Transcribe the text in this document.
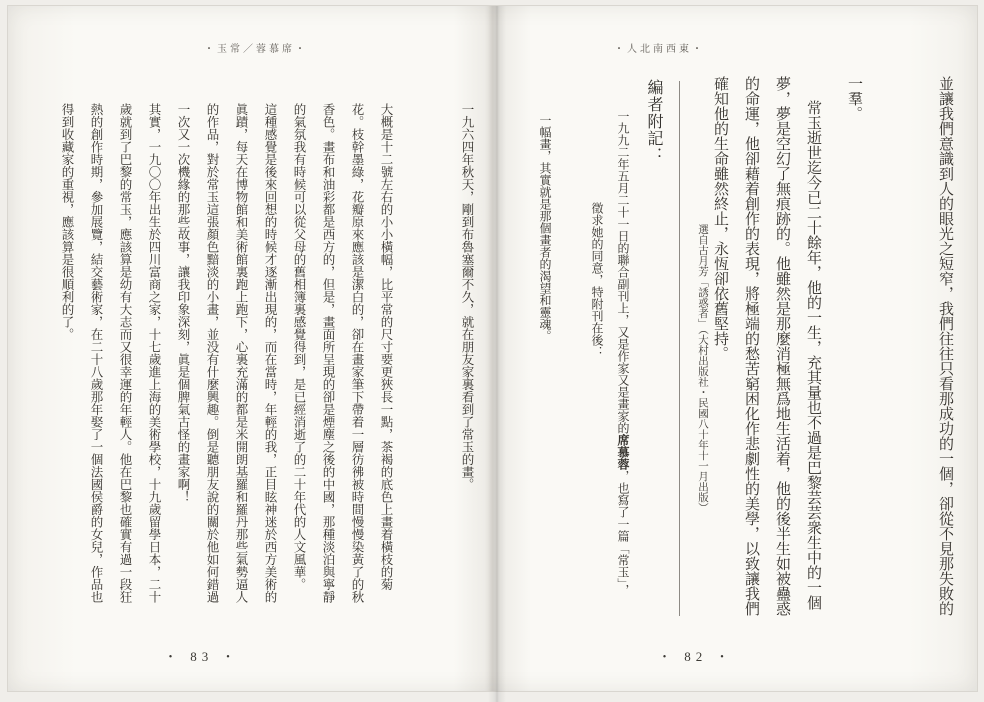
・玉常／蓉慕席・
一九六四年秋天，剛到布魯塞爾不久，就在朋友家裏看到了常玉的畫。
大概是十二號左右的小小橫幅，比平常的尺寸要更狹長一點，茶褐的底色上畫着橫枝的菊
花。枝幹墨綠，花瓣原來應該是潔白的，卻在畫家筆下帶着一層彷彿被時間慢慢染黃了的秋
香色。畫布和油彩都是西方的，但是，畫面所呈現的卻是煙塵之後的中國，那種淡泊與寧靜
的氣氛我有時候可以從父母的舊相簿裏感覺得到，是已經消逝了的二十年代的人文風華。
這種感覺是後來回想的時候才逐漸出現的，而在當時，年輕的我，正目眩神迷於西方美術的
眞蹟，每天在博物館和美術館裏跑上跑下，心裏充滿的都是米開朗基羅和羅丹那些氣勢逼人
的作品，對於常玉這張顏色黯淡的小畫，並没有什麼興趣。倒是聽朋友說的關於他如何錯過
一次又一次機緣的那些故事，讓我印象深刻，眞是個脾氣古怪的畫家啊！
其實，一九〇〇年出生於四川富商之家，十七歲進上海的美術學校，十九歲留學日本，二十
歲就到了巴黎的常玉，應該算是幼有大志而又很幸運的年輕人。他在巴黎也確實有過一段狂
熱的創作時期，參加展覽，結交藝術家，在二十八歲那年娶了一個法國侯爵的女兒，作品也
得到收藏家的重視，應該算是很順利的了。
・ 83 ・
・人北南西東・
並讓我們意識到人的眼光之短窄，我們往往只看那成功的一個，卻從不見那失敗的
一羣。
常玉逝世迄今已二十餘年，他的一生，充其量也不過是巴黎芸芸衆生中的一個
夢，夢是空幻了無痕跡的。他雖然是那麼消極無爲地生活着，他的後半生如被蠱惑
的命運，他卻藉着創作的表現，將極端的愁苦窮困化作悲劇性的美學，以致讓我們
確知他的生命雖然終止，永恆卻依舊堅持。
選自古月芳「誘惑者」（大村出版社・民國八十年十一月出版）
編者附記：
一九九二年五月二十一日的聯合副刊上，又是作家又是畫家的席慕蓉，也寫了一篇「常玉」，
徵求她的同意，特附刊在後：
一幅畫，其實就是那個畫者的渴望和靈魂。
・ 82 ・
